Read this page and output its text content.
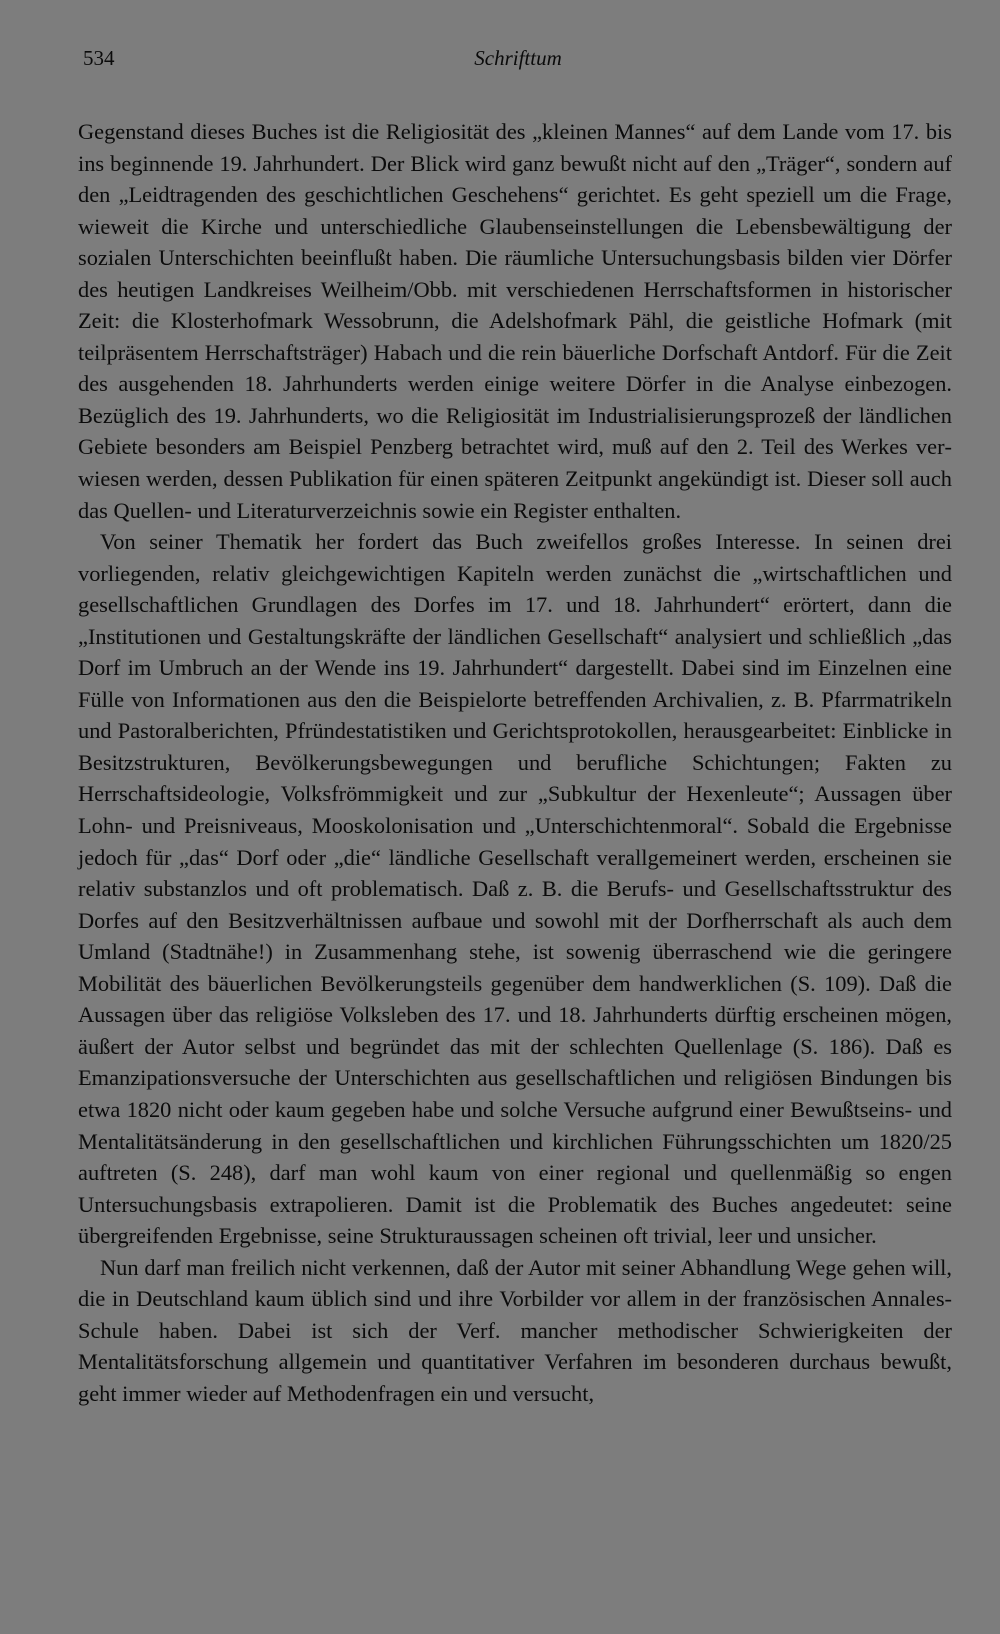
534	Schrifttum

Gegenstand dieses Buches ist die Religiosität des „kleinen Mannes“ auf dem Lande vom 17. bis ins beginnende 19. Jahrhundert. Der Blick wird ganz bewußt nicht auf den „Träger“, sondern auf den „Leidtragenden des geschichtlichen Geschehens“ gerichtet. Es geht speziell um die Frage, wieweit die Kirche und unterschiedliche Glaubenseinstellungen die Lebensbewältigung der sozialen Unterschichten beeinflußt haben. Die räumliche Untersuchungsbasis bilden vier Dörfer des heutigen Landkreises Weilheim/Obb. mit verschiedenen Herrschaftsformen in historischer Zeit: die Klosterhofmark Wessobrunn, die Adelshofmark Pähl, die geistliche Hofmark (mit teilpräsentem Herrschaftsträger) Habach und die rein bäuerliche Dorfschaft Antdorf. Für die Zeit des ausgehenden 18. Jahrhunderts werden einige weitere Dörfer in die Analyse einbezogen. Bezüglich des 19. Jahrhunderts, wo die Religiosität im Industrialisierungsprozeß der ländlichen Gebiete besonders am Beispiel Penzberg betrachtet wird, muß auf den 2. Teil des Werkes verwiesen werden, dessen Publikation für einen späteren Zeitpunkt angekündigt ist. Dieser soll auch das Quellen- und Literaturverzeichnis sowie ein Register enthalten.

Von seiner Thematik her fordert das Buch zweifellos großes Interesse. In seinen drei vorliegenden, relativ gleichgewichtigen Kapiteln werden zunächst die „wirtschaftlichen und gesellschaftlichen Grundlagen des Dorfes im 17. und 18. Jahrhundert“ erörtert, dann die „Institutionen und Gestaltungskräfte der ländlichen Gesellschaft“ analysiert und schließlich „das Dorf im Umbruch an der Wende ins 19. Jahrhundert“ dargestellt. Dabei sind im Einzelnen eine Fülle von Informationen aus den die Beispielorte betreffenden Archivalien, z. B. Pfarrmatrikeln und Pastoralberichten, Pfründestatistiken und Gerichtsprotokollen, herausgearbeitet: Einblicke in Besitzstrukturen, Bevölkerungsbewegungen und berufliche Schichtungen; Fakten zu Herrschaftsideologie, Volksfrömmigkeit und zur „Subkultur der Hexenleute“; Aussagen über Lohn- und Preisniveaus, Mooskolonisation und „Unterschichtenmoral“. Sobald die Ergebnisse jedoch für „das“ Dorf oder „die“ ländliche Gesellschaft verallgemeinert werden, erscheinen sie relativ substanzlos und oft problematisch. Daß z. B. die Berufs- und Gesellschaftsstruktur des Dorfes auf den Besitzverhältnissen aufbaue und sowohl mit der Dorfherrschaft als auch dem Umland (Stadtnähe!) in Zusammenhang stehe, ist sowenig überraschend wie die geringere Mobilität des bäuerlichen Bevölkerungsteils gegenüber dem handwerklichen (S. 109). Daß die Aussagen über das religiöse Volksleben des 17. und 18. Jahrhunderts dürftig erscheinen mögen, äußert der Autor selbst und begründet das mit der schlechten Quellenlage (S. 186). Daß es Emanzipationsversuche der Unterschichten aus gesellschaftlichen und religiösen Bindungen bis etwa 1820 nicht oder kaum gegeben habe und solche Versuche aufgrund einer Bewußtseins- und Mentalitätsänderung in den gesellschaftlichen und kirchlichen Führungsschichten um 1820/25 auftreten (S. 248), darf man wohl kaum von einer regional und quellenmäßig so engen Untersuchungsbasis extrapolieren. Damit ist die Problematik des Buches angedeutet: seine übergreifenden Ergebnisse, seine Strukturaussagen scheinen oft trivial, leer und unsicher.

Nun darf man freilich nicht verkennen, daß der Autor mit seiner Abhandlung Wege gehen will, die in Deutschland kaum üblich sind und ihre Vorbilder vor allem in der französischen Annales-Schule haben. Dabei ist sich der Verf. mancher methodischer Schwierigkeiten der Mentalitätsforschung allgemein und quantitativer Verfahren im besonderen durchaus bewußt, geht immer wieder auf Methodenfragen ein und versucht,
